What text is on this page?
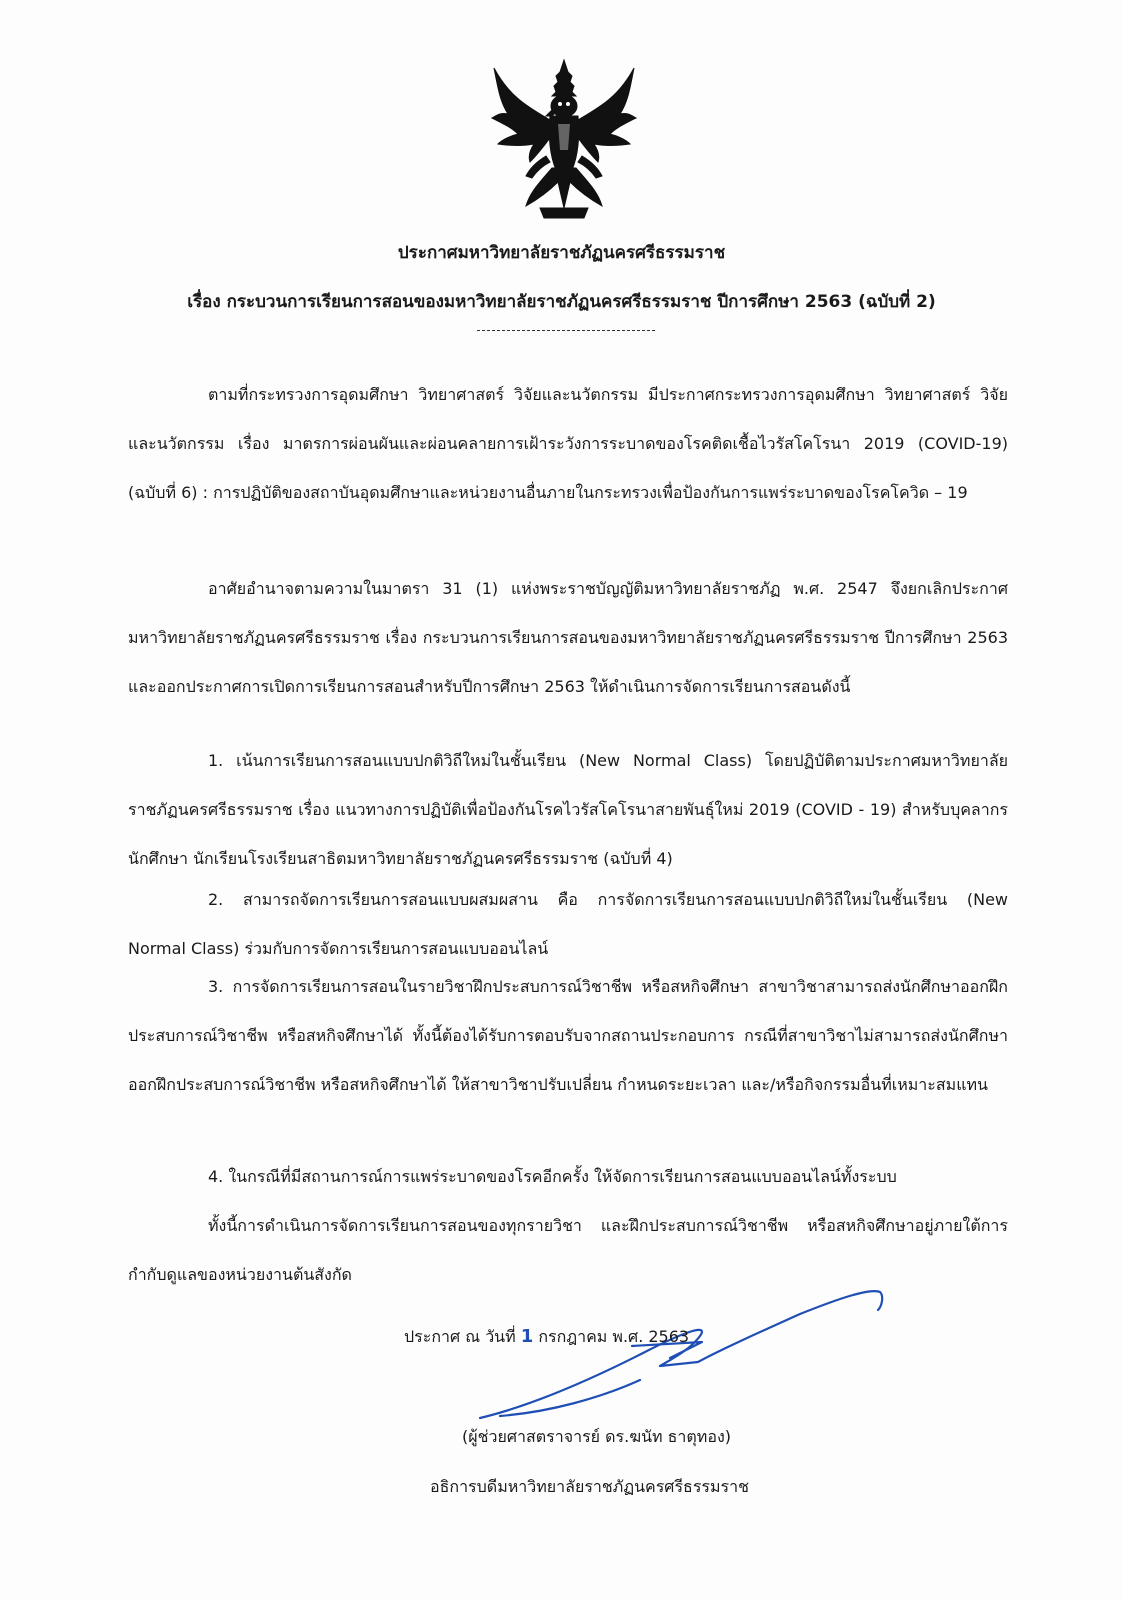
ประกาศมหาวิทยาลัยราชภัฏนครศรีธรรมราช
เรื่อง กระบวนการเรียนการสอนของมหาวิทยาลัยราชภัฏนครศรีธรรมราช ปีการศึกษา 2563 (ฉบับที่ 2)
ตามที่กระทรวงการอุดมศึกษา วิทยาศาสตร์ วิจัยและนวัตกรรม มีประกาศกระทรวงการอุดมศึกษา วิทยาศาสตร์ วิจัยและนวัตกรรม เรื่อง มาตรการผ่อนผันและผ่อนคลายการเฝ้าระวังการระบาดของโรคติดเชื้อไวรัสโคโรนา 2019 (COVID-19)(ฉบับที่ 6) : การปฏิบัติของสถาบันอุดมศึกษาและหน่วยงานอื่นภายในกระทรวงเพื่อป้องกันการแพร่ระบาดของโรคโควิด – 19
อาศัยอำนาจตามความในมาตรา 31 (1) แห่งพระราชบัญญัติมหาวิทยาลัยราชภัฏ พ.ศ. 2547 จึงยกเลิกประกาศมหาวิทยาลัยราชภัฏนครศรีธรรมราช เรื่อง กระบวนการเรียนการสอนของมหาวิทยาลัยราชภัฏนครศรีธรรมราช ปีการศึกษา 2563 และออกประกาศการเปิดการเรียนการสอนสำหรับปีการศึกษา 2563 ให้ดำเนินการจัดการเรียนการสอนดังนี้
1. เน้นการเรียนการสอนแบบปกติวิถีใหม่ในชั้นเรียน (New Normal Class) โดยปฏิบัติตามประกาศมหาวิทยาลัยราชภัฏนครศรีธรรมราช เรื่อง แนวทางการปฏิบัติเพื่อป้องกันโรคไวรัสโคโรนาสายพันธุ์ใหม่ 2019 (COVID - 19) สำหรับบุคลากร นักศึกษา นักเรียนโรงเรียนสาธิตมหาวิทยาลัยราชภัฏนครศรีธรรมราช (ฉบับที่ 4)
2. สามารถจัดการเรียนการสอนแบบผสมผสาน คือ การจัดการเรียนการสอนแบบปกติวิถีใหม่ในชั้นเรียน (New Normal Class) ร่วมกับการจัดการเรียนการสอนแบบออนไลน์
3. การจัดการเรียนการสอนในรายวิชาฝึกประสบการณ์วิชาชีพ หรือสหกิจศึกษา สาขาวิชาสามารถส่งนักศึกษาออกฝึกประสบการณ์วิชาชีพ หรือสหกิจศึกษาได้ ทั้งนี้ต้องได้รับการตอบรับจากสถานประกอบการ กรณีที่สาขาวิชาไม่สามารถส่งนักศึกษาออกฝึกประสบการณ์วิชาชีพ หรือสหกิจศึกษาได้ ให้สาขาวิชาปรับเปลี่ยน กำหนดระยะเวลา และ/หรือกิจกรรมอื่นที่เหมาะสมแทน
4. ในกรณีที่มีสถานการณ์การแพร่ระบาดของโรคอีกครั้ง ให้จัดการเรียนการสอนแบบออนไลน์ทั้งระบบ
ทั้งนี้การดำเนินการจัดการเรียนการสอนของทุกรายวิชา และฝึกประสบการณ์วิชาชีพ หรือสหกิจศึกษาอยู่ภายใต้การกำกับดูแลของหน่วยงานต้นสังกัด
ประกาศ ณ วันที่ 1 กรกฎาคม พ.ศ. 2563
(ผู้ช่วยศาสตราจารย์ ดร.ฆนัท ธาตุทอง)
อธิการบดีมหาวิทยาลัยราชภัฏนครศรีธรรมราช
